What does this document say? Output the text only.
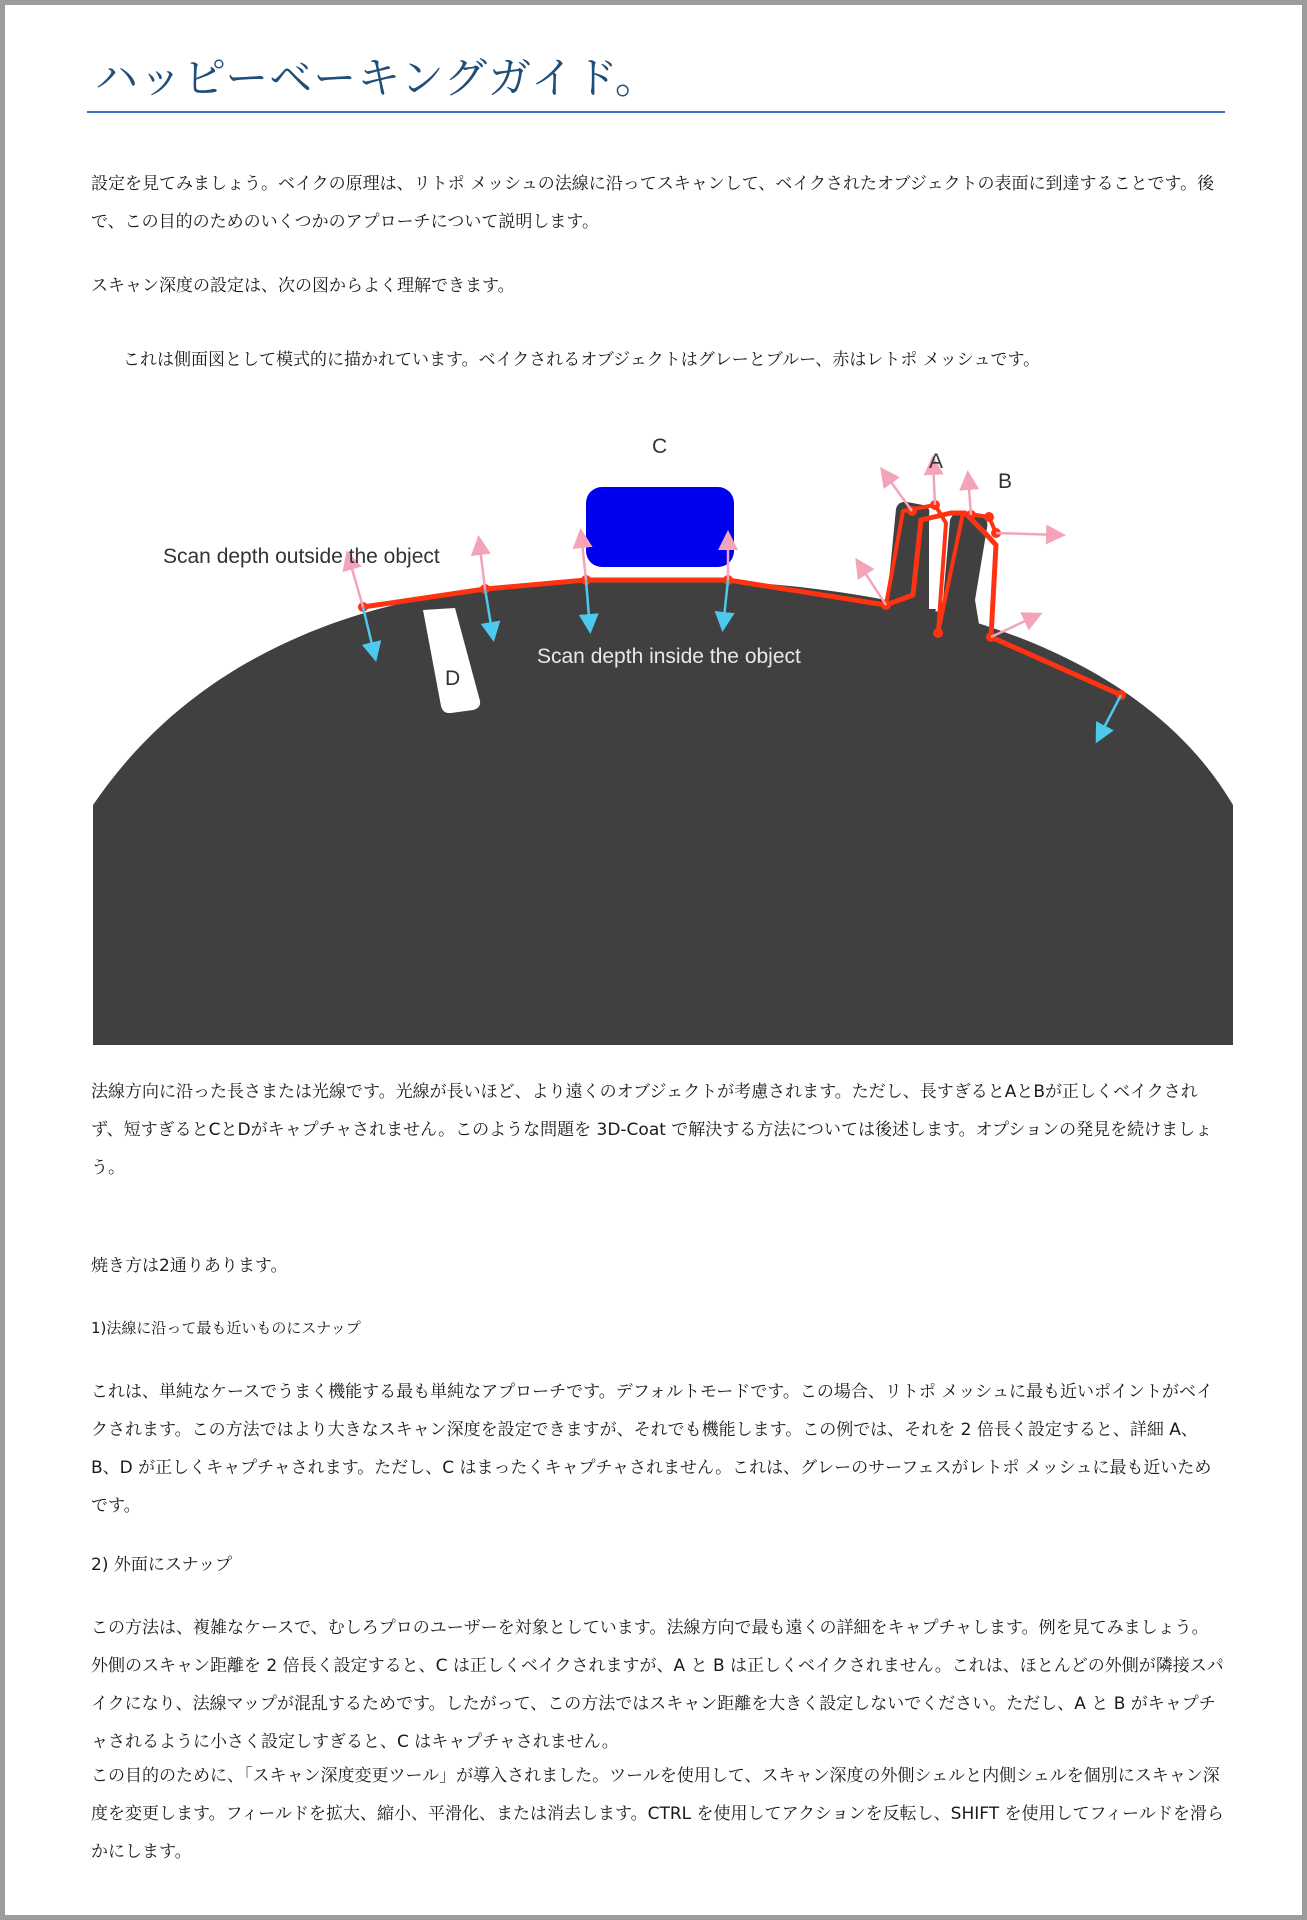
ハッピーベーキングガイド。

設定を見てみましょう。ベイクの原理は、リトポ メッシュの法線に沿ってスキャンして、ベイクされたオブジェクトの表面に到達することです。後で、この目的のためのいくつかのアプローチについて説明します。

スキャン深度の設定は、次の図からよく理解できます。

これは側面図として模式的に描かれています。ベイクされるオブジェクトはグレーとブルー、赤はレトポ メッシュです。

C
A
B
D
Scan depth outside the object
Scan depth inside the object

法線方向に沿った長さまたは光線です。光線が長いほど、より遠くのオブジェクトが考慮されます。ただし、長すぎるとAとBが正しくベイクされず、短すぎるとCとDがキャプチャされません。このような問題を 3D-Coat で解決する方法については後述します。オプションの発見を続けましょう。

焼き方は2通りあります。

1)法線に沿って最も近いものにスナップ

これは、単純なケースでうまく機能する最も単純なアプローチです。デフォルトモードです。この場合、リトポ メッシュに最も近いポイントがベイクされます。この方法ではより大きなスキャン深度を設定できますが、それでも機能します。この例では、それを 2 倍長く設定すると、詳細 A、B、D が正しくキャプチャされます。ただし、C はまったくキャプチャされません。これは、グレーのサーフェスがレトポ メッシュに最も近いためです。

2) 外面にスナップ

この方法は、複雑なケースで、むしろプロのユーザーを対象としています。法線方向で最も遠くの詳細をキャプチャします。例を見てみましょう。外側のスキャン距離を 2 倍長く設定すると、C は正しくベイクされますが、A と B は正しくベイクされません。これは、ほとんどの外側が隣接スパイクになり、法線マップが混乱するためです。したがって、この方法ではスキャン距離を大きく設定しないでください。ただし、A と B がキャプチャされるように小さく設定しすぎると、C はキャプチャされません。

この目的のために、「スキャン深度変更ツール」が導入されました。ツールを使用して、スキャン深度の外側シェルと内側シェルを個別にスキャン深度を変更します。フィールドを拡大、縮小、平滑化、または消去します。CTRL を使用してアクションを反転し、SHIFT を使用してフィールドを滑らかにします。
